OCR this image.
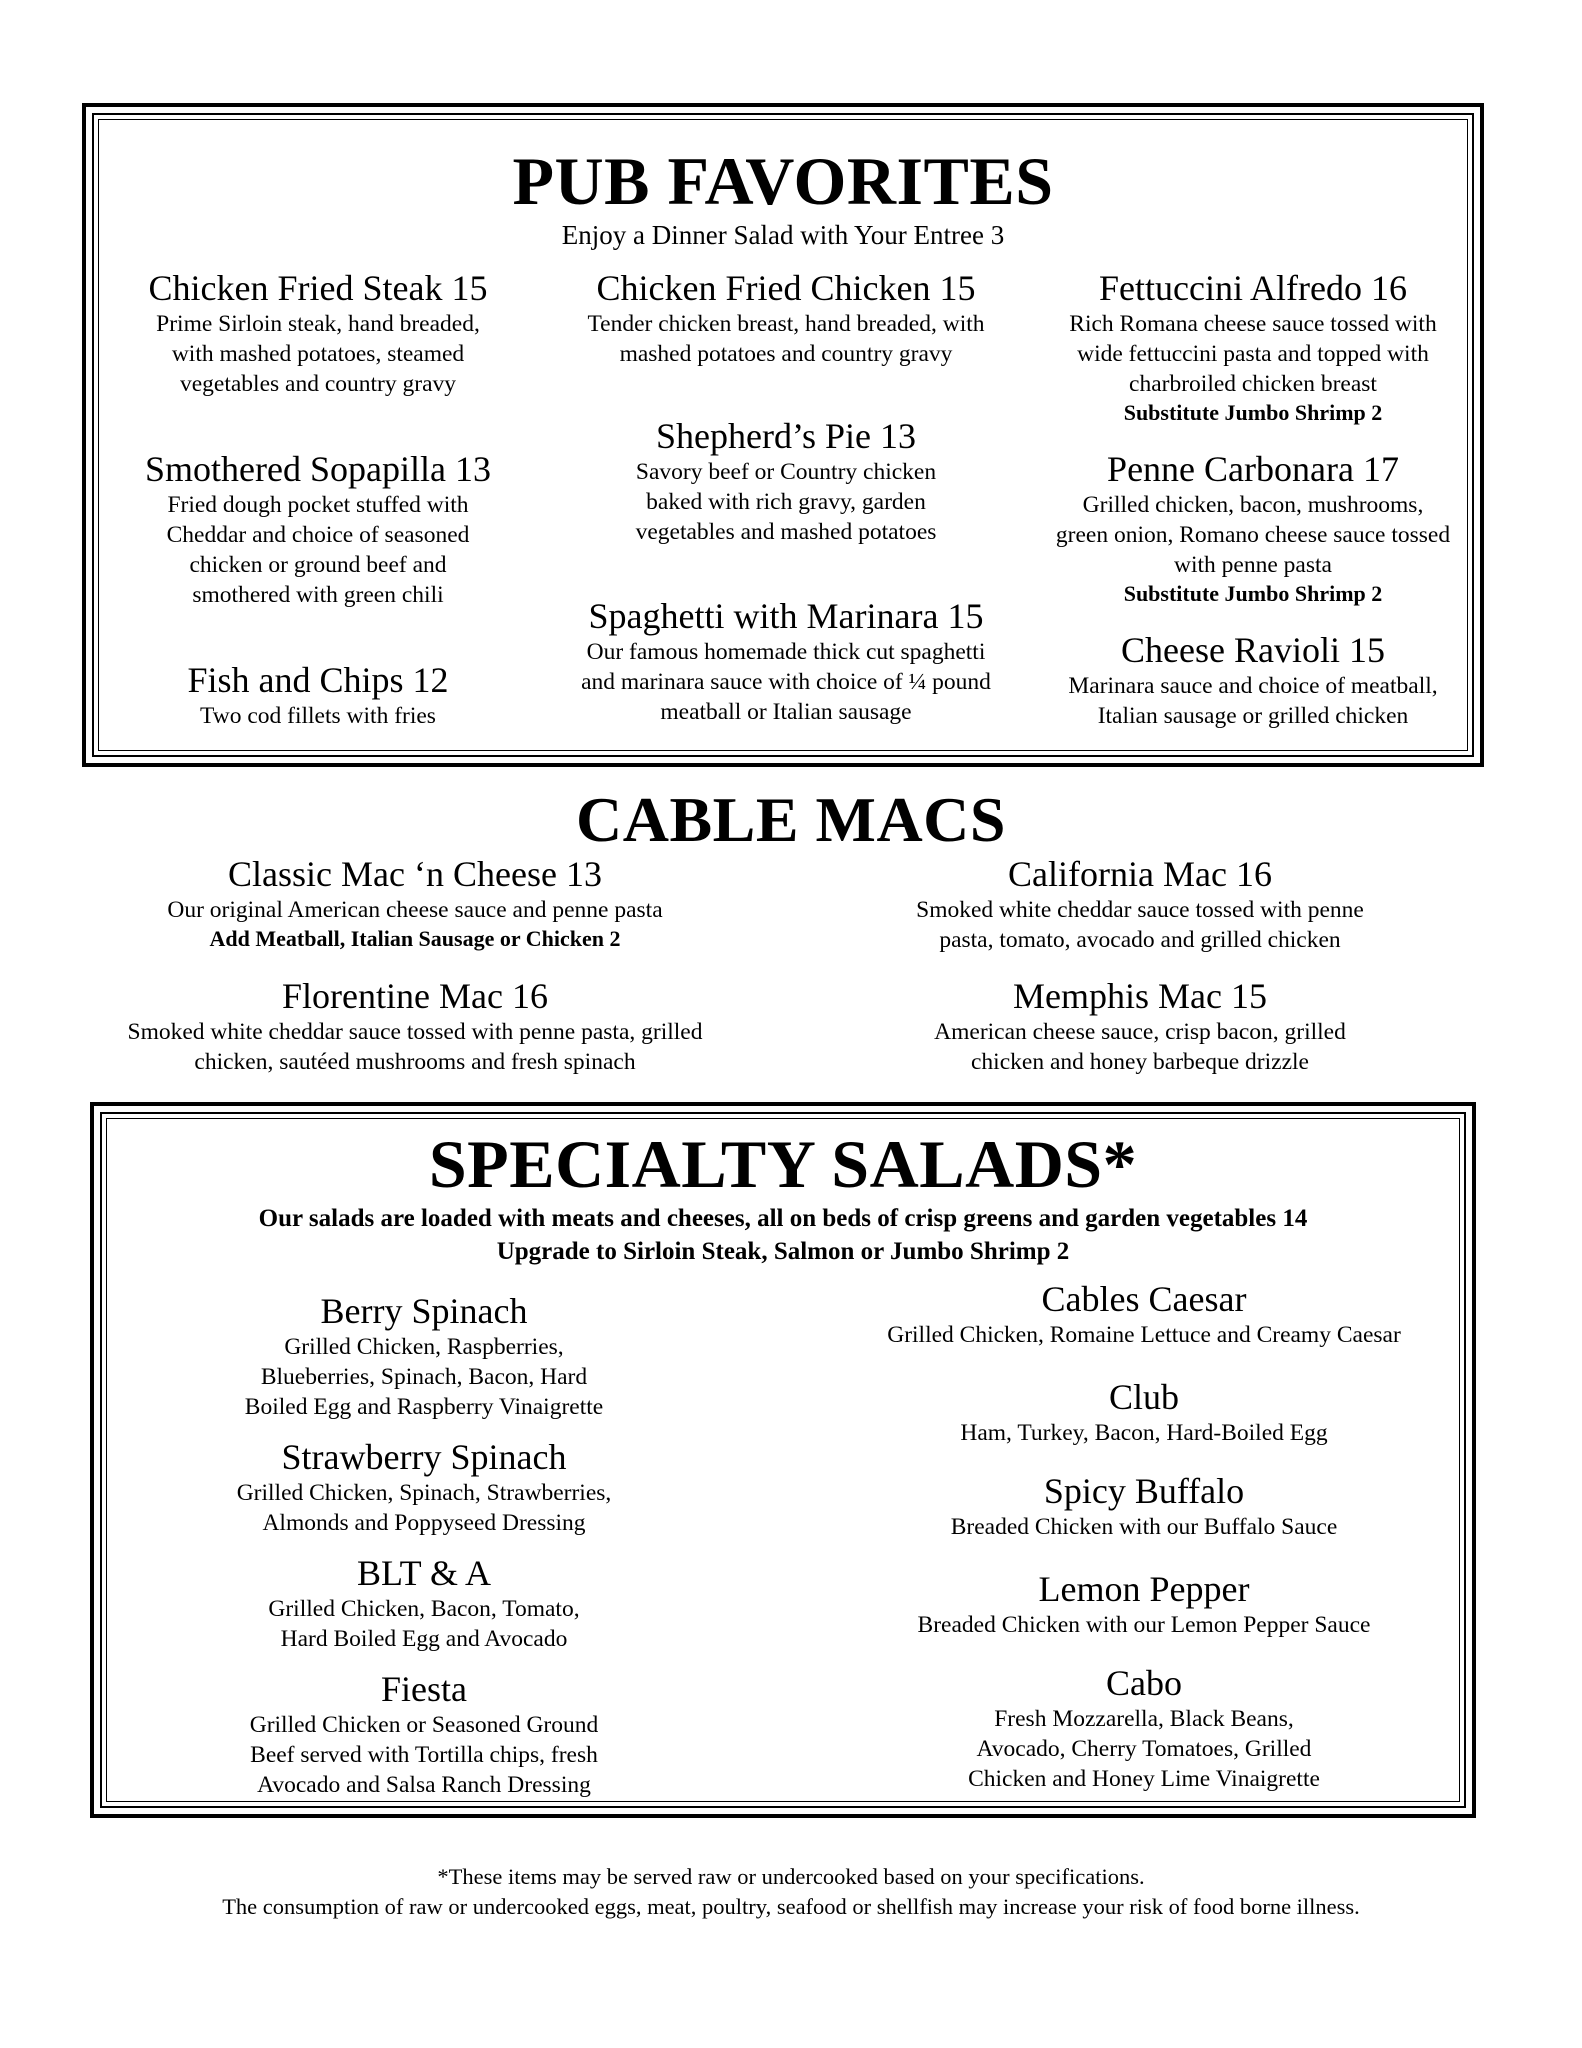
PUB FAVORITES
Enjoy a Dinner Salad with Your Entree 3
Chicken Fried Steak 15
Prime Sirloin steak, hand breaded, with mashed potatoes, steamed vegetables and country gravy
Smothered Sopapilla 13
Fried dough pocket stuffed with Cheddar and choice of seasoned chicken or ground beef and smothered with green chili
Fish and Chips 12
Two cod fillets with fries
Chicken Fried Chicken 15
Tender chicken breast, hand breaded, with mashed potatoes and country gravy
Shepherd’s Pie 13
Savory beef or Country chicken baked with rich gravy, garden vegetables and mashed potatoes
Spaghetti with Marinara 15
Our famous homemade thick cut spaghetti and marinara sauce with choice of ¼ pound meatball or Italian sausage
Fettuccini Alfredo 16
Rich Romana cheese sauce tossed with wide fettuccini pasta and topped with charbroiled chicken breast
Substitute Jumbo Shrimp 2
Penne Carbonara 17
Grilled chicken, bacon, mushrooms, green onion, Romano cheese sauce tossed with penne pasta
Substitute Jumbo Shrimp 2
Cheese Ravioli 15
Marinara sauce and choice of meatball, Italian sausage or grilled chicken
CABLE MACS
Classic Mac ‘n Cheese 13
Our original American cheese sauce and penne pasta
Add Meatball, Italian Sausage or Chicken 2
Florentine Mac 16
Smoked white cheddar sauce tossed with penne pasta, grilled chicken, sautéed mushrooms and fresh spinach
California Mac 16
Smoked white cheddar sauce tossed with penne pasta, tomato, avocado and grilled chicken
Memphis Mac 15
American cheese sauce, crisp bacon, grilled chicken and honey barbeque drizzle
SPECIALTY SALADS*
Our salads are loaded with meats and cheeses, all on beds of crisp greens and garden vegetables 14
Upgrade to Sirloin Steak, Salmon or Jumbo Shrimp 2
Berry Spinach
Grilled Chicken, Raspberries, Blueberries, Spinach, Bacon, Hard Boiled Egg and Raspberry Vinaigrette
Strawberry Spinach
Grilled Chicken, Spinach, Strawberries, Almonds and Poppyseed Dressing
BLT & A
Grilled Chicken, Bacon, Tomato, Hard Boiled Egg and Avocado
Fiesta
Grilled Chicken or Seasoned Ground Beef served with Tortilla chips, fresh Avocado and Salsa Ranch Dressing
Cables Caesar
Grilled Chicken, Romaine Lettuce and Creamy Caesar
Club
Ham, Turkey, Bacon, Hard-Boiled Egg
Spicy Buffalo
Breaded Chicken with our Buffalo Sauce
Lemon Pepper
Breaded Chicken with our Lemon Pepper Sauce
Cabo
Fresh Mozzarella, Black Beans, Avocado, Cherry Tomatoes, Grilled Chicken and Honey Lime Vinaigrette
*These items may be served raw or undercooked based on your specifications.
The consumption of raw or undercooked eggs, meat, poultry, seafood or shellfish may increase your risk of food borne illness.
